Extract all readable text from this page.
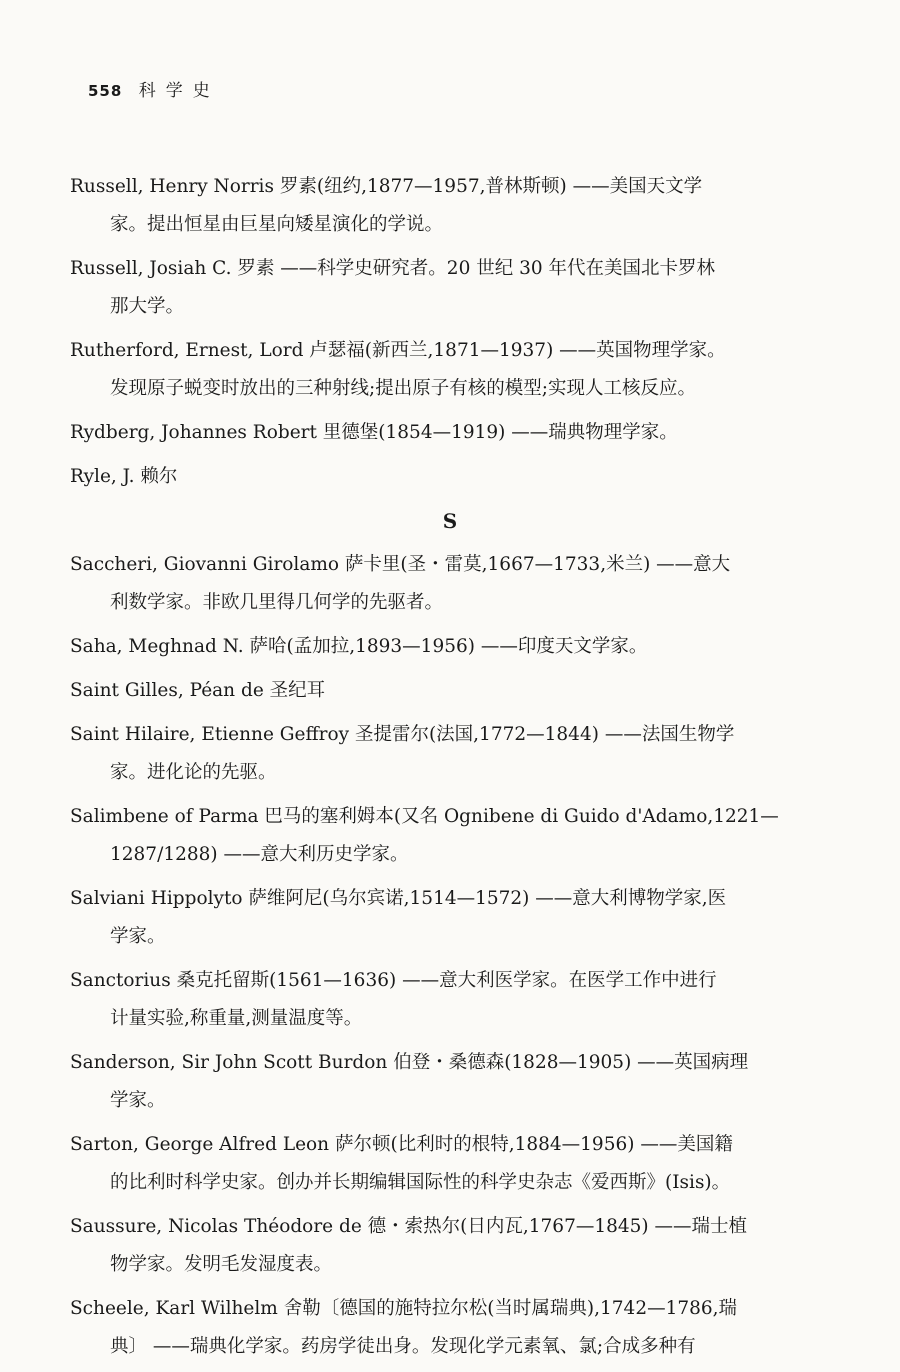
558 科学史
Russell, Henry Norris 罗素(纽约,1877—1957,普林斯顿) ——美国天文学
家。提出恒星由巨星向矮星演化的学说。
Russell, Josiah C. 罗素 ——科学史研究者。20 世纪 30 年代在美国北卡罗林
那大学。
Rutherford, Ernest, Lord 卢瑟福(新西兰,1871—1937) ——英国物理学家。
发现原子蜕变时放出的三种射线;提出原子有核的模型;实现人工核反应。
Rydberg, Johannes Robert 里德堡(1854—1919) ——瑞典物理学家。
Ryle, J. 赖尔
S
Saccheri, Giovanni Girolamo 萨卡里(圣・雷莫,1667—1733,米兰) ——意大
利数学家。非欧几里得几何学的先驱者。
Saha, Meghnad N. 萨哈(孟加拉,1893—1956) ——印度天文学家。
Saint Gilles, Péan de 圣纪耳
Saint Hilaire, Etienne Geffroy 圣提雷尔(法国,1772—1844) ——法国生物学
家。进化论的先驱。
Salimbene of Parma 巴马的塞利姆本(又名 Ognibene di Guido d'Adamo,1221—
1287/1288) ——意大利历史学家。
Salviani Hippolyto 萨维阿尼(乌尔宾诺,1514—1572) ——意大利博物学家,医
学家。
Sanctorius 桑克托留斯(1561—1636) ——意大利医学家。在医学工作中进行
计量实验,称重量,测量温度等。
Sanderson, Sir John Scott Burdon 伯登・桑德森(1828—1905) ——英国病理
学家。
Sarton, George Alfred Leon 萨尔顿(比利时的根特,1884—1956) ——美国籍
的比利时科学史家。创办并长期编辑国际性的科学史杂志《爱西斯》(Isis)。
Saussure, Nicolas Théodore de 德・索热尔(日内瓦,1767—1845) ——瑞士植
物学家。发明毛发湿度表。
Scheele, Karl Wilhelm 舍勒〔德国的施特拉尔松(当时属瑞典),1742—1786,瑞
典〕 ——瑞典化学家。药房学徒出身。发现化学元素氧、氯;合成多种有
